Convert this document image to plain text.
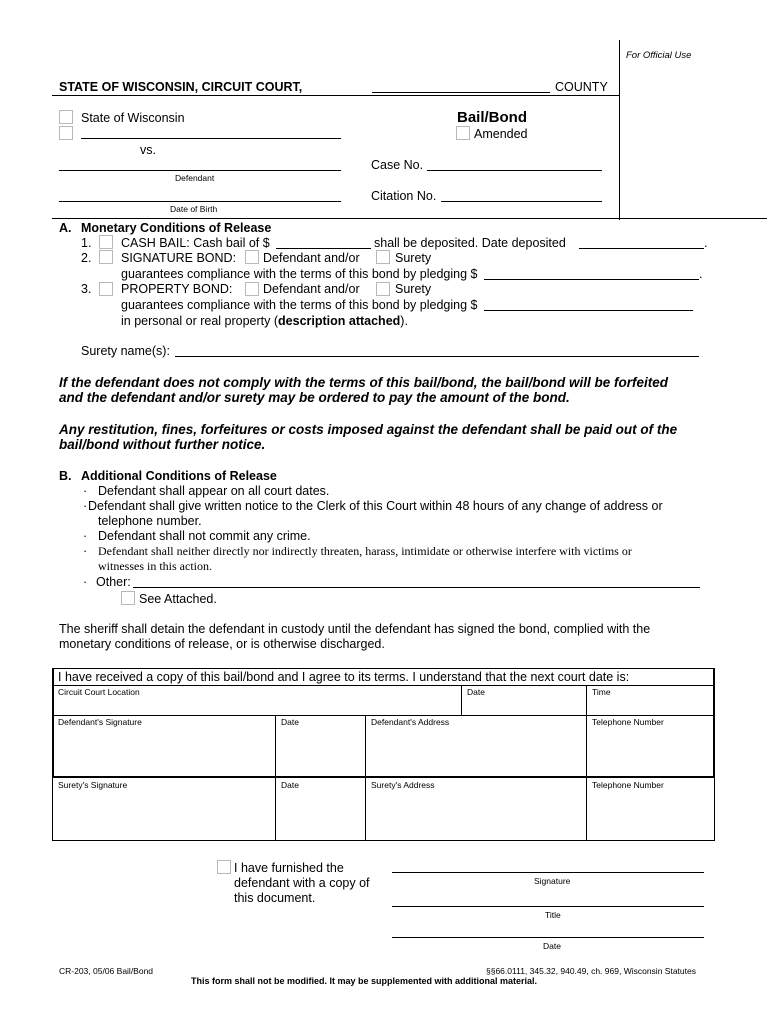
For Official Use
STATE OF WISCONSIN, CIRCUIT COURT,	COUNTY
State of Wisconsin
vs.
Defendant
Date of Birth
Bail/Bond
Amended
Case No.
Citation No.
A. Monetary Conditions of Release
1. CASH BAIL: Cash bail of $	shall be deposited. Date deposited	.
2. SIGNATURE BOND: Defendant and/or	Surety
guarantees compliance with the terms of this bond by pledging $	.
3. PROPERTY BOND: Defendant and/or	Surety
guarantees compliance with the terms of this bond by pledging $
in personal or real property (description attached).
Surety name(s):
If the defendant does not comply with the terms of this bail/bond, the bail/bond will be forfeited
and the defendant and/or surety may be ordered to pay the amount of the bond.
Any restitution, fines, forfeitures or costs imposed against the defendant shall be paid out of the
bail/bond without further notice.
B. Additional Conditions of Release
· Defendant shall appear on all court dates.
· Defendant shall give written notice to the Clerk of this Court within 48 hours of any change of address or
telephone number.
· Defendant shall not commit any crime.
· Defendant shall neither directly nor indirectly threaten, harass, intimidate or otherwise interfere with victims or
witnesses in this action.
· Other:
See Attached.
The sheriff shall detain the defendant in custody until the defendant has signed the bond, complied with the
monetary conditions of release, or is otherwise discharged.
I have received a copy of this bail/bond and I agree to its terms. I understand that the next court date is:
Circuit Court Location	Date	Time
Defendant's Signature	Date	Defendant's Address	Telephone Number
Surety's Signature	Date	Surety's Address	Telephone Number
I have furnished the
defendant with a copy of
this document.
Signature
Title
Date
CR-203, 05/06 Bail/Bond	§§66.0111, 345.32, 940.49, ch. 969, Wisconsin Statutes
This form shall not be modified. It may be supplemented with additional material.
